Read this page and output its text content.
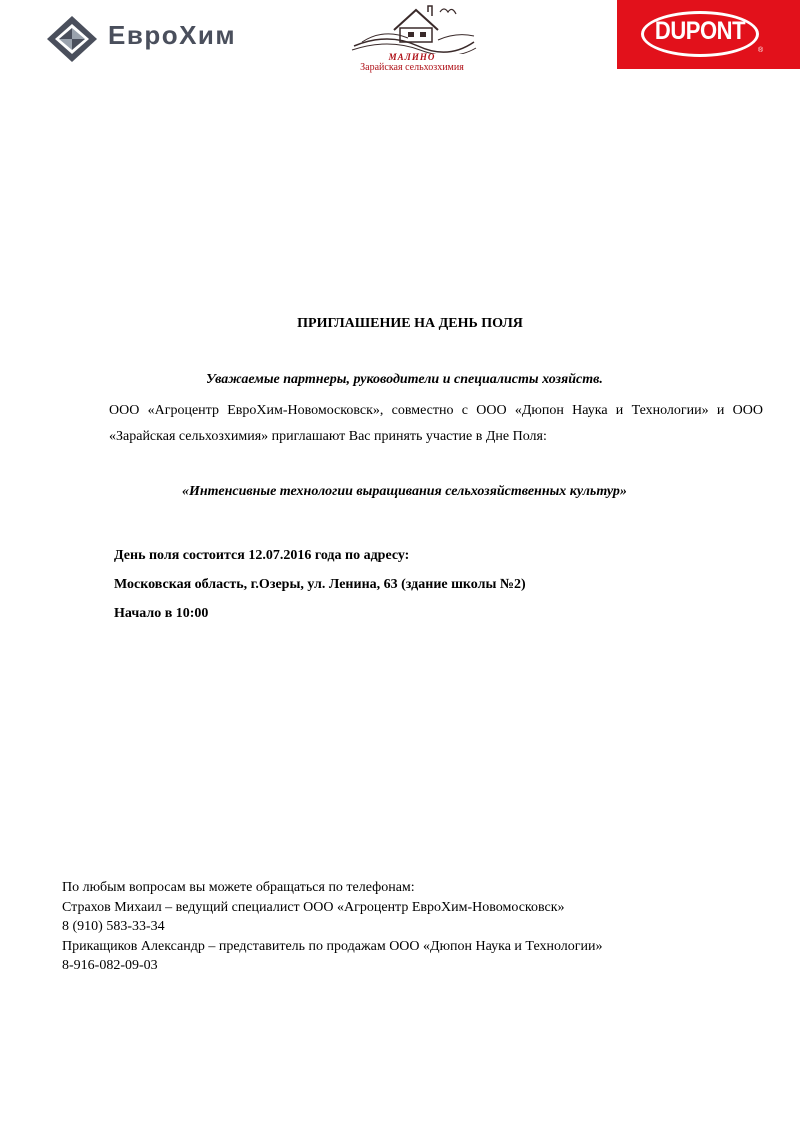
ЕвроХим
МАЛИНО
Зарайская сельхозхимия
DUPONT
®
ПРИГЛАШЕНИЕ НА ДЕНЬ ПОЛЯ
Уважаемые партнеры, руководители и специалисты хозяйств.

ООО «Агроцентр ЕвроХим-Новомосковск», совместно с ООО «Дюпон Наука и Технологии» и ООО «Зарайская сельхозхимия» приглашают Вас принять участие в Дне Поля:

«Интенсивные технологии выращивания сельхозяйственных культур»
День поля состоится 12.07.2016 года по адресу:
Московская область, г.Озеры, ул. Ленина, 63 (здание школы №2)
Начало в 10:00
По любым вопросам вы можете обращаться по телефонам:
Страхов Михаил – ведущий специалист ООО «Агроцентр ЕвроХим-Новомосковск»
8 (910) 583-33-34
Прикащиков Александр – представитель по продажам ООО «Дюпон Наука и Технологии»
8-916-082-09-03
